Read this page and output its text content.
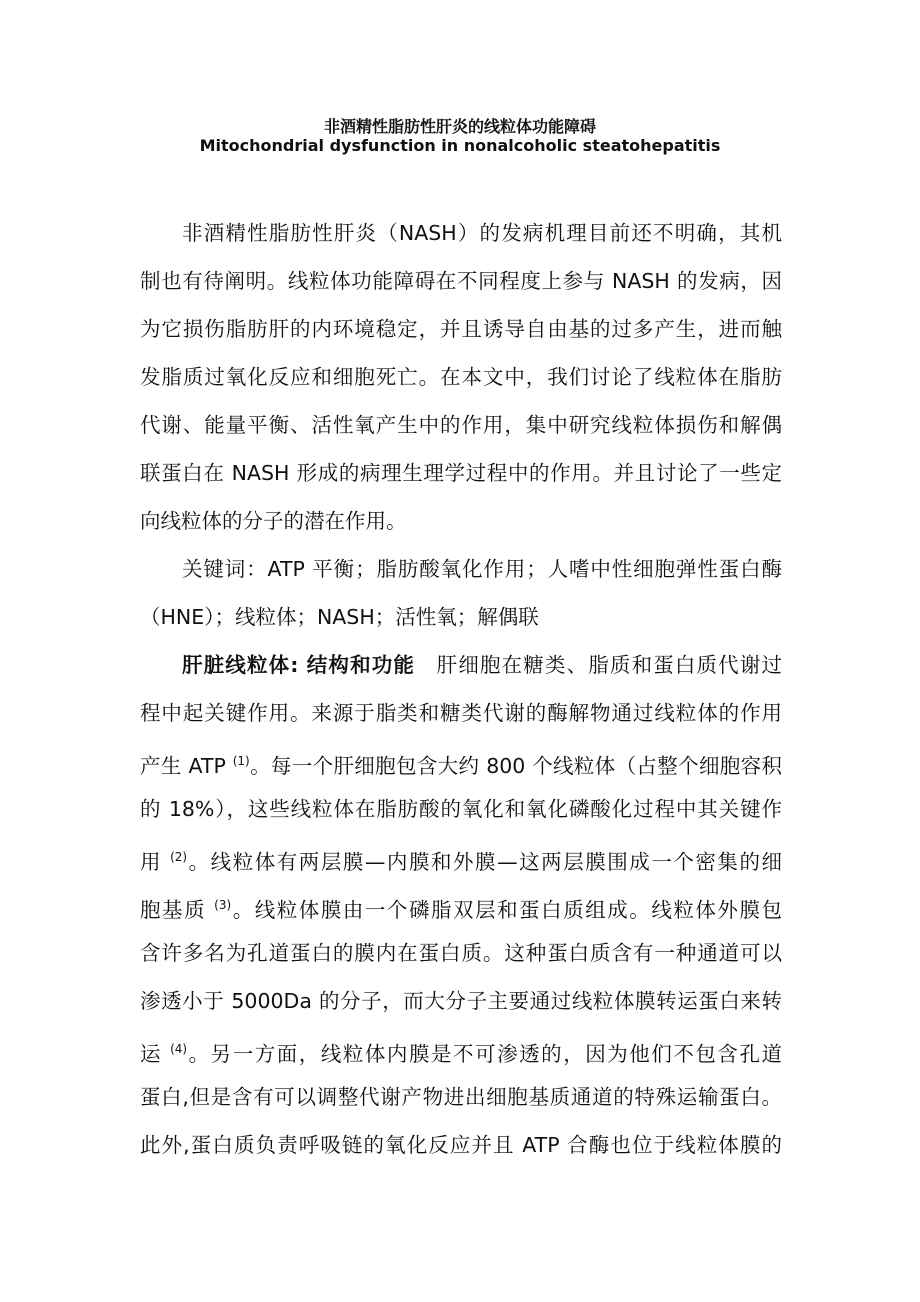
非酒精性脂肪性肝炎的线粒体功能障碍
Mitochondrial dysfunction in nonalcoholic steatohepatitis
非酒精性脂肪性肝炎（NASH）的发病机理目前还不明确，其机
制也有待阐明。线粒体功能障碍在不同程度上参与 NASH 的发病，因
为它损伤脂肪肝的内环境稳定，并且诱导自由基的过多产生，进而触
发脂质过氧化反应和细胞死亡。在本文中，我们讨论了线粒体在脂肪
代谢、能量平衡、活性氧产生中的作用，集中研究线粒体损伤和解偶
联蛋白在 NASH 形成的病理生理学过程中的作用。并且讨论了一些定
向线粒体的分子的潜在作用。
关键词：ATP 平衡；脂肪酸氧化作用；人嗜中性细胞弹性蛋白酶
（HNE）；线粒体；NASH；活性氧；解偶联
肝脏线粒体: 结构和功能　肝细胞在糖类、脂质和蛋白质代谢过
程中起关键作用。来源于脂类和糖类代谢的酶解物通过线粒体的作用
产生 ATP $^{(1)}$。每一个肝细胞包含大约 800 个线粒体（占整个细胞容积
的 18%），这些线粒体在脂肪酸的氧化和氧化磷酸化过程中其关键作
用 $^{(2)}$。线粒体有两层膜—内膜和外膜—这两层膜围成一个密集的细
胞基质 $^{(3)}$。线粒体膜由一个磷脂双层和蛋白质组成。线粒体外膜包
含许多名为孔道蛋白的膜内在蛋白质。这种蛋白质含有一种通道可以
渗透小于 5000Da 的分子，而大分子主要通过线粒体膜转运蛋白来转
运 $^{(4)}$。另一方面，线粒体内膜是不可渗透的，因为他们不包含孔道
蛋白,但是含有可以调整代谢产物进出细胞基质通道的特殊运输蛋白。
此外,蛋白质负责呼吸链的氧化反应并且 ATP 合酶也位于线粒体膜的
